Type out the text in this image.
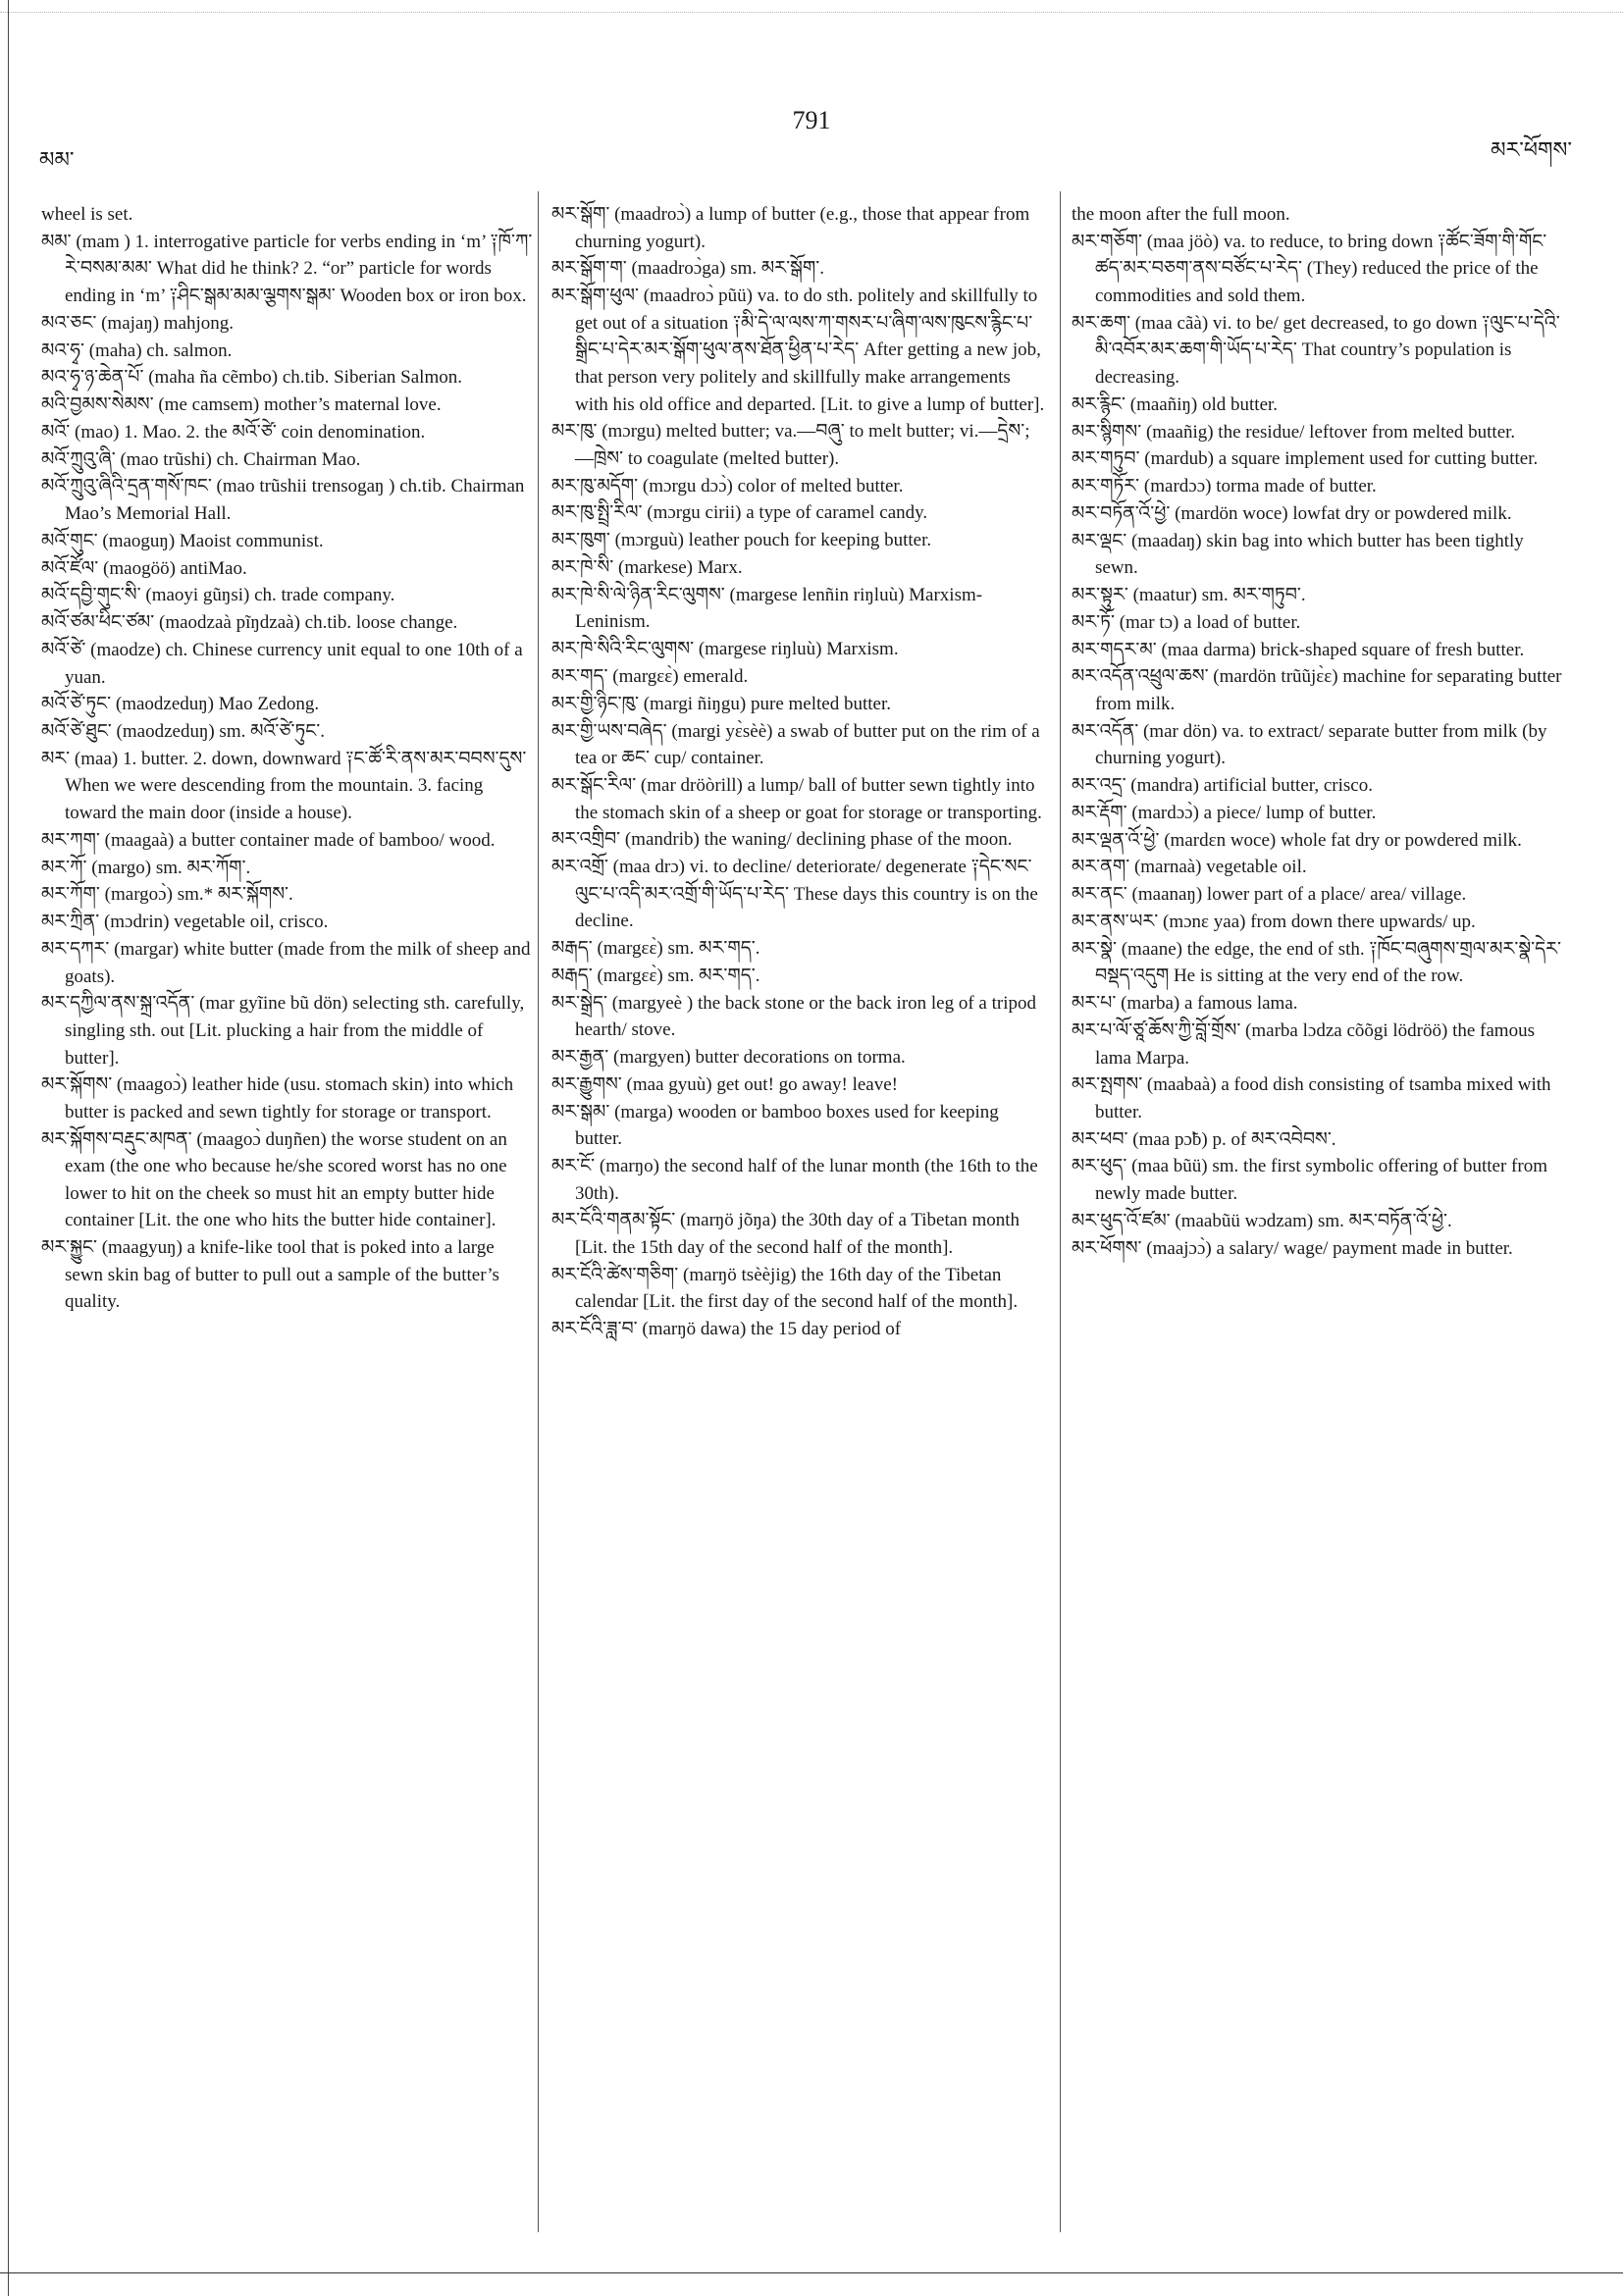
མམ་
791
མར་ཕོགས་

wheel is set.

མམ་ (mam ) 1. interrogative particle for verbs ending in ‘m’ ༑ཁོ་ཀ་རེ་བསམ་མམ་ What did he think? 2. “or” particle for words ending in ‘m’ ༑ཤིང་སྒམ་མམ་ལྕགས་སྒམ་ Wooden box or iron box.

མའ་ཅང་ (majaŋ) mahjong.

མའ་ཧྭ་ (maha) ch. salmon.

མའ་ཧྭ་ཉ་ཆེན་པོ་ (maha ña cẽmbo) ch.tib. Siberian Salmon.

མའི་བྱམས་སེམས་ (me camsem) mother’s maternal love.

མའོ་ (mao) 1. Mao. 2. the མའོ་ཙེ་ coin denomination.

མའོ་ཀྲུའུ་ཞི་ (mao trũshi) ch. Chairman Mao.

མའོ་ཀྲུའུ་ཞིའི་དྲན་གསོ་ཁང་ (mao trũshii trensogaŋ ) ch.tib. Chairman Mao’s Memorial Hall.

མའོ་གུང་ (maoguŋ) Maoist communist.

མའོ་ཛོལ་ (maogöö) antiMao.

མའོ་དབྱི་གུང་སི་ (maoyi gũŋsi) ch. trade company.

མའོ་ཙམ་ཕིང་ཙམ་ (maodzaà pĩŋdzaà) ch.tib. loose change.

མའོ་ཙེ་ (maodze) ch. Chinese currency unit equal to one 10th of a yuan.

མའོ་ཙེ་ཏུང་ (maodzeduŋ) Mao Zedong.

མའོ་ཙེ་ཐུང་ (maodzeduŋ) sm. མའོ་ཙེ་ཏུང་.

མར་ (maa) 1. butter. 2. down, downward ༑ང་ཚོ་རི་ནས་མར་བབས་དུས་ When we were descending from the mountain. 3. facing toward the main door (inside a house).

མར་ཀག་ (maagaà) a butter container made of bamboo/ wood.

མར་ཀོ་ (margo) sm. མར་ཀོག་.

མར་ཀོག་ (margoɔ̀) sm.* མར་སྐོགས་.

མར་ཀྲིན་ (mɔdrin) vegetable oil, crisco.

མར་དཀར་ (margar) white butter (made from the milk of sheep and goats).

མར་དཀྱིལ་ནས་སྐྲ་འདོན་ (mar gyĩine bũ dön) selecting sth. carefully, singling sth. out [Lit. plucking a hair from the middle of butter].

མར་སྐོགས་ (maagoɔ̀) leather hide (usu. stomach skin) into which butter is packed and sewn tightly for storage or transport.

མར་སྐོགས་བརྡུང་མཁན་ (maagoɔ̀ duŋñen) the worse student on an exam (the one who because he/she scored worst has no one lower to hit on the cheek so must hit an empty butter hide container [Lit. the one who hits the butter hide container].

མར་སྐྱུང་ (maagyuŋ) a knife-like tool that is poked into a large sewn skin bag of butter to pull out a sample of the butter’s quality.

མར་སྒོག་ (maadroɔ̀) a lump of butter (e.g., those that appear from churning yogurt).

མར་སྒོག་ག་ (maadroɔ̀ga) sm. མར་སྒོག་.

མར་སྒོག་ཕུལ་ (maadroɔ̀ pũü) va. to do sth. politely and skillfully to get out of a situation ༑མི་དེ་ལ་ལས་ཀ་གསར་པ་ཞིག་ལས་ཁུངས་རྙིང་པ་སྒྲིང་པ་དེར་མར་སྒོག་ཕུལ་ནས་ཐོན་ཕྱིན་པ་རེད་ After getting a new job, that person very politely and skillfully make arrangements with his old office and departed. [Lit. to give a lump of butter].

མར་ཁུ་ (mɔrgu) melted butter; va.—བཞུ་ to melt butter; vi.—དྲེས་; —ཁྲེས་ to coagulate (melted butter).

མར་ཁུ་མདོག་ (mɔrgu dɔɔ̀) color of melted butter.

མར་ཁུ་སྤྲི་རིལ་ (mɔrgu cirii) a type of caramel candy.

མར་ཁུག་ (mɔrguù) leather pouch for keeping butter.

མར་ཁེ་སི་ (markese) Marx.

མར་ཁེ་སི་ལེ་ཉིན་རིང་ལུགས་ (margese lenñin riŋluù) Marxism-Leninism.

མར་ཁེ་སིའི་རིང་ལུགས་ (margese riŋluù) Marxism.

མར་གད་ (margɛɛ̀) emerald.

མར་གྱི་ཉིང་ཁུ་ (margi ñiŋgu) pure melted butter.

མར་གྱི་ཡས་བཞེད་ (margi yɛ̀sèè) a swab of butter put on the rim of a tea or ཆང་ cup/ container.

མར་སྒོང་རིལ་ (mar dröòrill) a lump/ ball of butter sewn tightly into the stomach skin of a sheep or goat for storage or transporting.

མར་འགྲིབ་ (mandrib) the waning/ declining phase of the moon.

མར་འགྲོ་ (maa drɔ) vi. to decline/ deteriorate/ degenerate ༑དེང་སང་ལུང་པ་འདི་མར་འགྲོ་གི་ཡོད་པ་རེད་ These days this country is on the decline.

མརྒད་ (margɛɛ̀) sm. མར་གད་.

མརྒད་ (margɛɛ̀) sm. མར་གད་.

མར་སྒྲེད་ (margyeè ) the back stone or the back iron leg of a tripod hearth/ stove.

མར་རྒྱན་ (margyen) butter decorations on torma.

མར་རྒྱུགས་ (maa gyuù) get out! go away! leave!

མར་སྒམ་ (marga) wooden or bamboo boxes used for keeping butter.

མར་ངོ་ (marŋo) the second half of the lunar month (the 16th to the 30th).

མར་ངོའི་གནམ་སྟོང་ (marŋö jõŋa) the 30th day of a Tibetan month [Lit. the 15th day of the second half of the month].

མར་ངོའི་ཚེས་གཅིག་ (marŋö tsèèjig) the 16th day of the Tibetan calendar [Lit. the first day of the second half of the month].

མར་ངོའི་ཟླ་བ་ (marŋö dawa) the 15 day period of

the moon after the full moon.

མར་གཅོག་ (maa jöò) va. to reduce, to bring down ༑ཚོང་ཟོག་གི་གོང་ཚད་མར་བཅག་ནས་བཙོང་པ་རེད་ (They) reduced the price of the commodities and sold them.

མར་ཆག་ (maa cãà) vi. to be/ get decreased, to go down ༑ལུང་པ་དེའི་མི་འབོར་མར་ཆག་གི་ཡོད་པ་རེད་ That country’s population is decreasing.

མར་རྙིང་ (maañiŋ) old butter.

མར་སྙིགས་ (maañig) the residue/ leftover from melted butter.

མར་གཏུབ་ (mardub) a square implement used for cutting butter.

མར་གཏོར་ (mardɔɔ) torma made of butter.

མར་བཏོན་འོ་ཕྱེ་ (mardön woce) lowfat dry or powdered milk.

མར་ལྡང་ (maadaŋ) skin bag into which butter has been tightly sewn.

མར་སྟུར་ (maatur) sm. མར་གཏུབ་.

མར་ཏོ་ (mar tɔ) a load of butter.

མར་གདར་མ་ (maa darma) brick-shaped square of fresh butter.

མར་འདོན་འཕྲུལ་ཆས་ (mardön trũũjɛ̀ɛ) machine for separating butter from milk.

མར་འདོན་ (mar dön) va. to extract/ separate butter from milk (by churning yogurt).

མར་འདྲ་ (mandra) artificial butter, crisco.

མར་རྡོག་ (mardɔɔ̀) a piece/ lump of butter.

མར་ལྡན་འོ་ཕྱེ་ (mardɛn woce) whole fat dry or powdered milk.

མར་ནག་ (marnaà) vegetable oil.

མར་ནང་ (maanaŋ) lower part of a place/ area/ village.

མར་ནས་ཡར་ (mɔnɛ yaa) from down there upwards/ up.

མར་སྣེ་ (maane) the edge, the end of sth. ༑ཁོང་བཞུགས་གྲལ་མར་སྣེ་དེར་བསྡད་འདུག He is sitting at the very end of the row.

མར་པ་ (marba) a famous lama.

མར་པ་ལོ་ཙཱ་ཆོས་ཀྱི་བློ་གྲོས་ (marba lɔdza cõõgi lödröö) the famous lama Marpa.

མར་སྤགས་ (maabaà) a food dish consisting of tsamba mixed with butter.

མར་ཕབ་ (maa pɔ̃b) p. of མར་འབེབས་.

མར་ཕུད་ (maa bũü) sm. the first symbolic offering of butter from newly made butter.

མར་ཕུད་འོ་ཛམ་ (maabũü wɔdzam) sm. མར་བཏོན་འོ་ཕྱེ་.

མར་ཕོགས་ (maajɔɔ̀) a salary/ wage/ payment made in butter.
